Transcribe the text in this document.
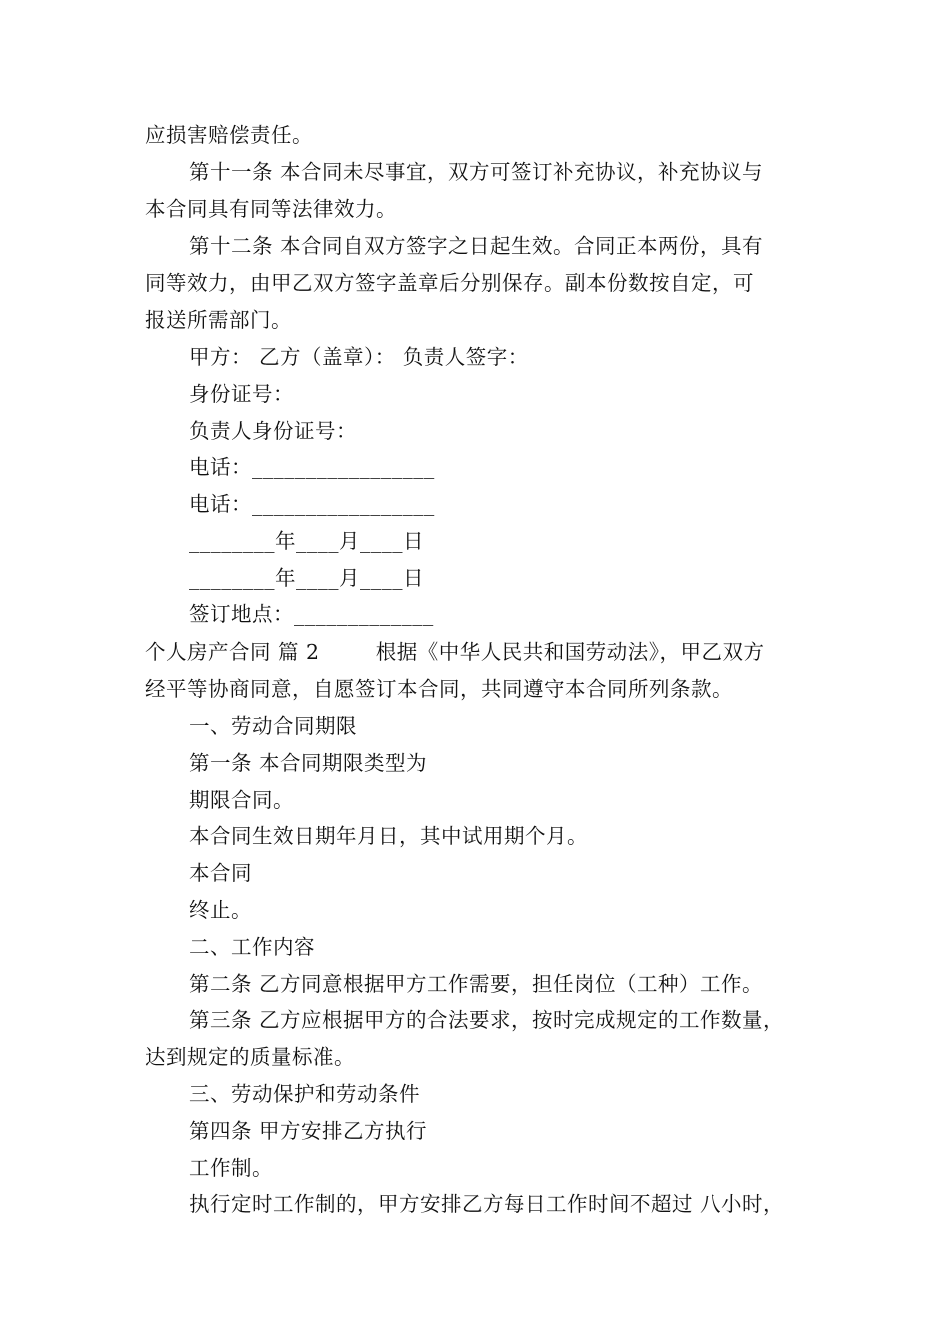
应损害赔偿责任。
第十一条 本合同未尽事宜，双方可签订补充协议，补充协议与
本合同具有同等法律效力。
第十二条 本合同自双方签字之日起生效。合同正本两份，具有
同等效力，由甲乙双方签字盖章后分别保存。副本份数按自定，可
报送所需部门。
甲方： 乙方（盖章）： 负责人签字：
身份证号：
负责人身份证号：
电话：_________________
电话：_________________
________年____月____日
________年____月____日
签订地点：_____________
个人房产合同 篇 2        根据《中华人民共和国劳动法》，甲乙双方
经平等协商同意，自愿签订本合同，共同遵守本合同所列条款。
一、劳动合同期限
第一条 本合同期限类型为
期限合同。
本合同生效日期年月日，其中试用期个月。
本合同
终止。
二、工作内容
第二条 乙方同意根据甲方工作需要，担任岗位（工种）工作。
第三条 乙方应根据甲方的合法要求，按时完成规定的工作数量，
达到规定的质量标准。
三、劳动保护和劳动条件
第四条 甲方安排乙方执行
工作制。
执行定时工作制的，甲方安排乙方每日工作时间不超过 八小时，
